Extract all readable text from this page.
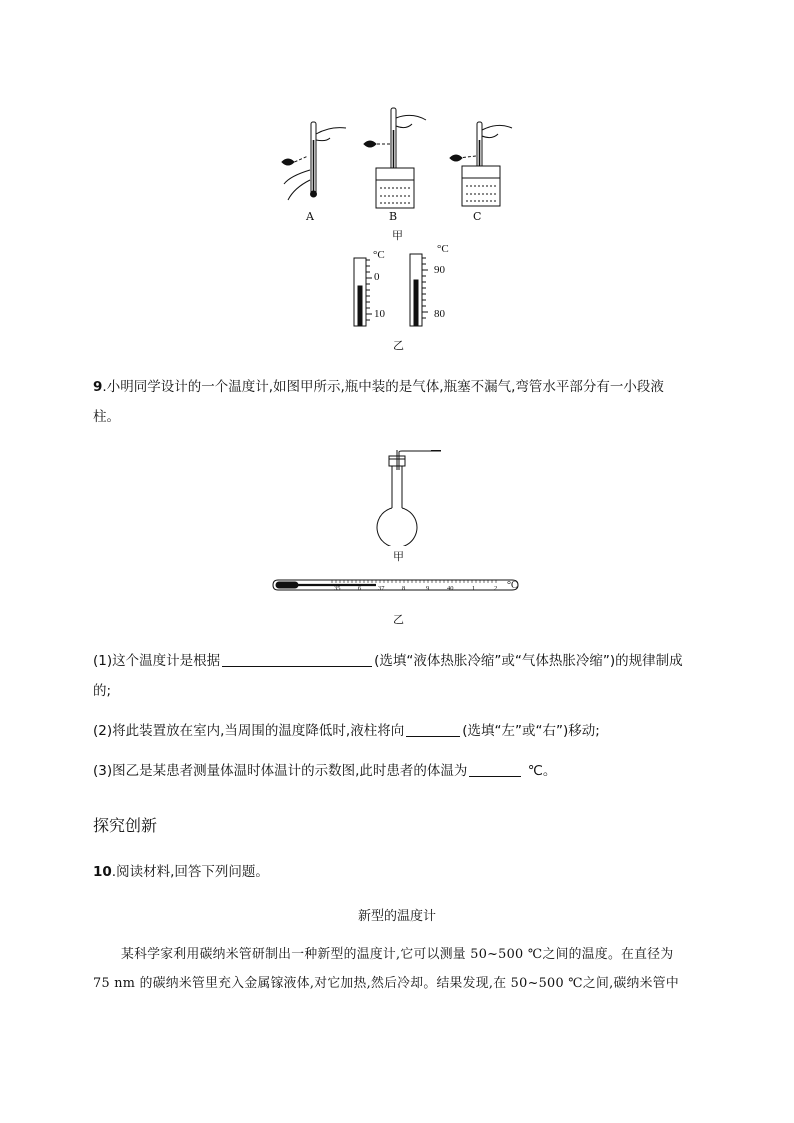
A	B	C
甲
°C
0
10
°C
90
80
乙
9.小明同学设计的一个温度计,如图甲所示,瓶中装的是气体,瓶塞不漏气,弯管水平部分有一小段液
柱。
甲
35	6	37	8	9	40	1	2 °C
乙
(1)这个温度计是根据	(选填“液体热胀冷缩”或“气体热胀冷缩”)的规律制成
的;
(2)将此装置放在室内,当周围的温度降低时,液柱将向	(选填“左”或“右”)移动;
(3)图乙是某患者测量体温时体温计的示数图,此时患者的体温为	℃。
探究创新
10.阅读材料,回答下列问题。
新型的温度计
某科学家利用碳纳米管研制出一种新型的温度计,它可以测量 50~500 ℃之间的温度。在直径为
75 nm 的碳纳米管里充入金属镓液体,对它加热,然后冷却。结果发现,在 50~500 ℃之间,碳纳米管中
